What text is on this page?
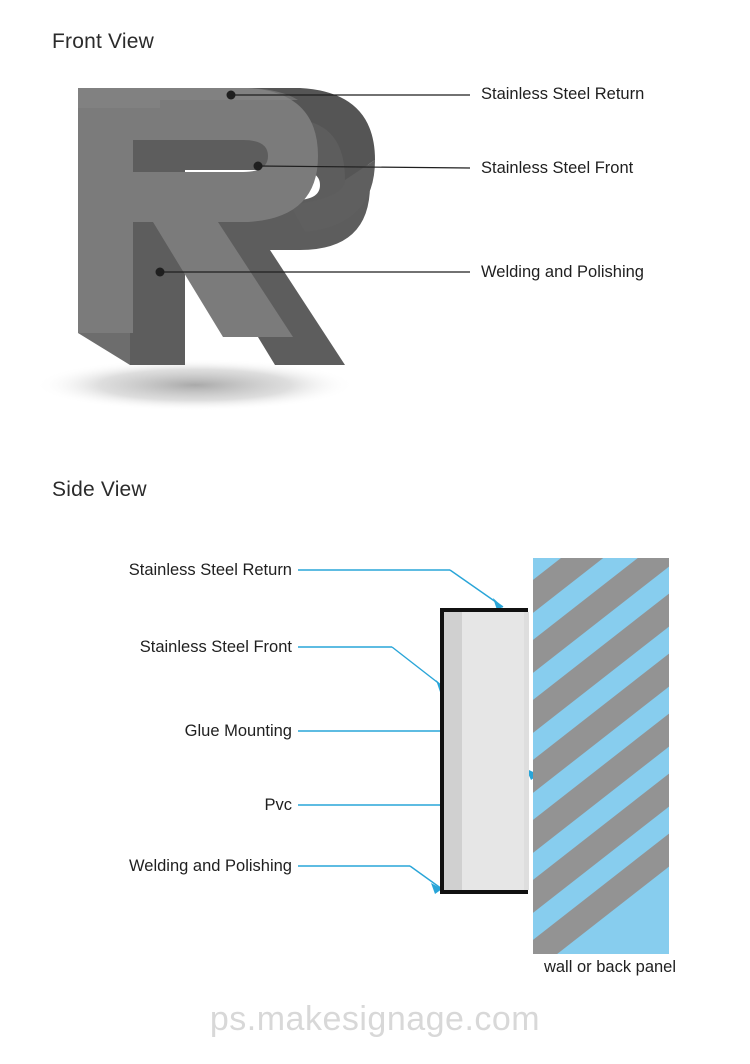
Front View
Stainless Steel Return
Stainless Steel Front
Welding and Polishing
Side View
wall or back panel
Stainless Steel Return
Stainless Steel Front
Glue Mounting
Pvc
Welding and Polishing
ps.makesignage.com
